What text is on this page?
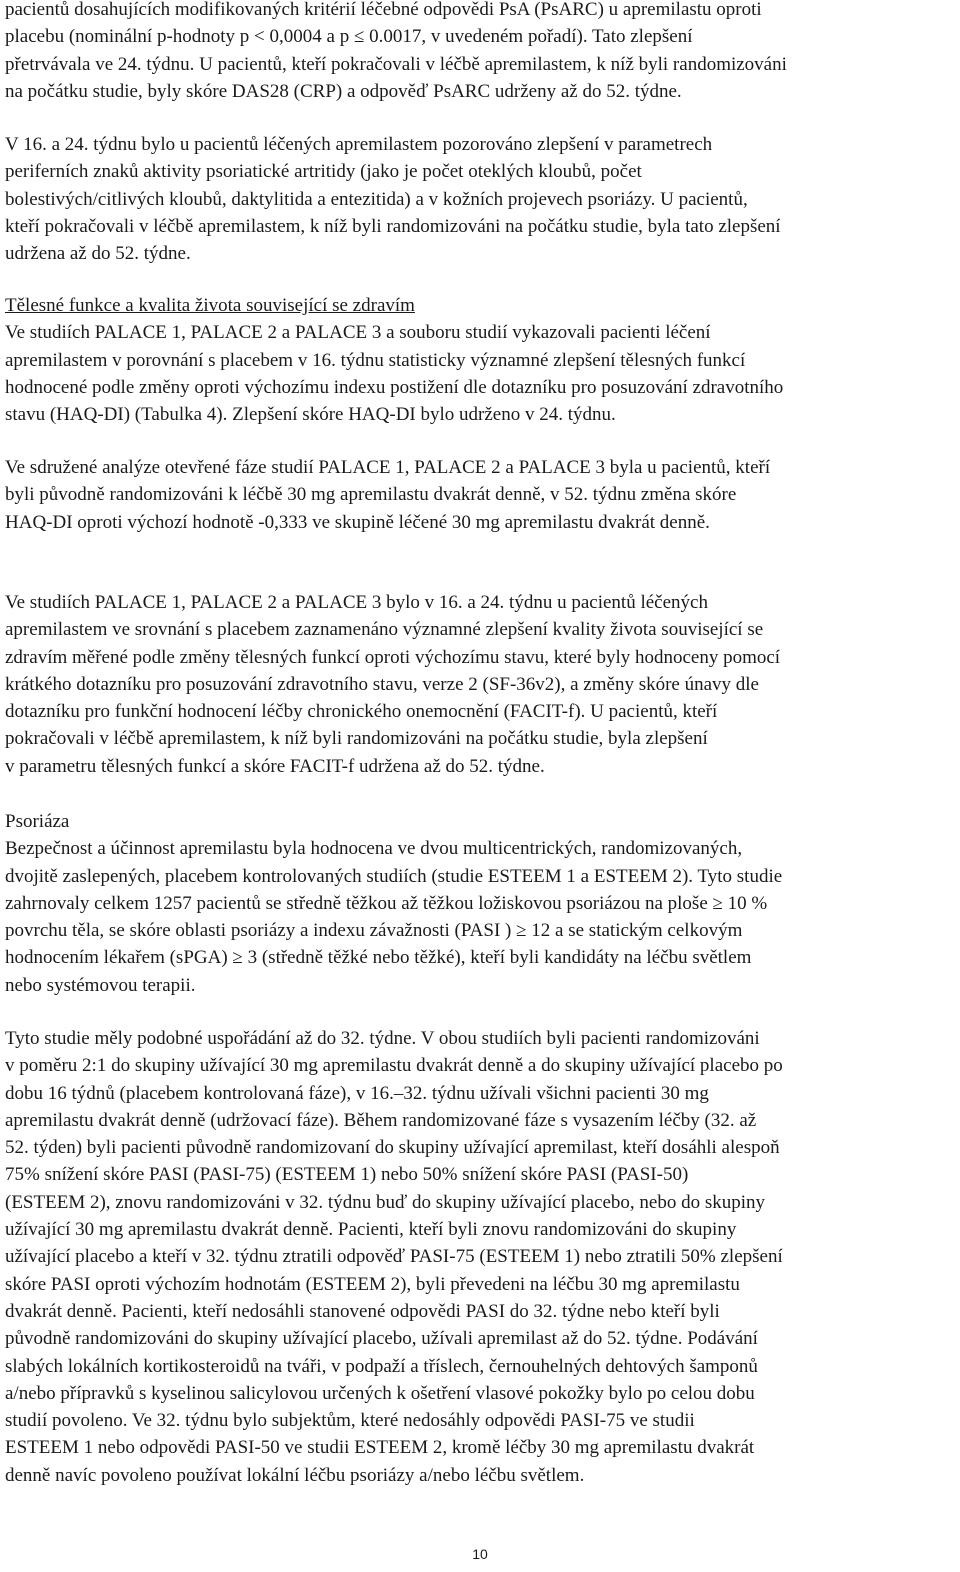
pacientů dosahujících modifikovaných kritérií léčebné odpovědi PsA (PsARC) u apremilastu oproti
placebu (nominální p-hodnoty p < 0,0004 a p ≤ 0.0017, v uvedeném pořadí). Tato zlepšení
přetrvávala ve 24. týdnu. U pacientů, kteří pokračovali v léčbě apremilastem, k níž byli randomizováni
na počátku studie, byly skóre DAS28 (CRP) a odpověď PsARC udrženy až do 52. týdne.
V 16. a 24. týdnu bylo u pacientů léčených apremilastem pozorováno zlepšení v parametrech
periferních znaků aktivity psoriatické artritidy (jako je počet oteklých kloubů, počet
bolestivých/citlivých kloubů, daktylitida a entezitida) a v kožních projevech psoriázy. U pacientů,
kteří pokračovali v léčbě apremilastem, k níž byli randomizováni na počátku studie, byla tato zlepšení
udržena až do 52. týdne.
Tělesné funkce a kvalita života související se zdravím
Ve studiích PALACE 1, PALACE 2 a PALACE 3 a souboru studií vykazovali pacienti léčení
apremilastem v porovnání s placebem v 16. týdnu statisticky významné zlepšení tělesných funkcí
hodnocené podle změny oproti výchozímu indexu postižení dle dotazníku pro posuzování zdravotního
stavu (HAQ-DI) (Tabulka 4). Zlepšení skóre HAQ-DI bylo udrženo v 24. týdnu.
Ve sdružené analýze otevřené fáze studií PALACE 1, PALACE 2 a PALACE 3 byla u pacientů, kteří
byli původně randomizováni k léčbě 30 mg apremilastu dvakrát denně, v 52. týdnu změna skóre
HAQ-DI oproti výchozí hodnotě -0,333 ve skupině léčené 30 mg apremilastu dvakrát denně.
Ve studiích PALACE 1, PALACE 2 a PALACE 3 bylo v 16. a 24. týdnu u pacientů léčených
apremilastem ve srovnání s placebem zaznamenáno významné zlepšení kvality života související se
zdravím měřené podle změny tělesných funkcí oproti výchozímu stavu, které byly hodnoceny pomocí
krátkého dotazníku pro posuzování zdravotního stavu, verze 2 (SF-36v2), a změny skóre únavy dle
dotazníku pro funkční hodnocení léčby chronického onemocnění (FACIT-f). U pacientů, kteří
pokračovali v léčbě apremilastem, k níž byli randomizováni na počátku studie, byla zlepšení
v parametru tělesných funkcí a skóre FACIT-f udržena až do 52. týdne.
Psoriáza
Bezpečnost a účinnost apremilastu byla hodnocena ve dvou multicentrických, randomizovaných,
dvojitě zaslepených, placebem kontrolovaných studiích (studie ESTEEM 1 a ESTEEM 2). Tyto studie
zahrnovaly celkem 1257 pacientů se středně těžkou až těžkou ložiskovou psoriázou na ploše ≥ 10 %
povrchu těla, se skóre oblasti psoriázy a indexu závažnosti (PASI ) ≥ 12 a se statickým celkovým
hodnocením lékařem (sPGA) ≥ 3 (středně těžké nebo těžké), kteří byli kandidáty na léčbu světlem
nebo systémovou terapii.
Tyto studie měly podobné uspořádání až do 32. týdne. V obou studiích byli pacienti randomizováni
v poměru 2:1 do skupiny užívající 30 mg apremilastu dvakrát denně a do skupiny užívající placebo po
dobu 16 týdnů (placebem kontrolovaná fáze), v 16.–32. týdnu užívali všichni pacienti 30 mg
apremilastu dvakrát denně (udržovací fáze). Během randomizované fáze s vysazením léčby (32. až
52. týden) byli pacienti původně randomizovaní do skupiny užívající apremilast, kteří dosáhli alespoň
75% snížení skóre PASI (PASI-75) (ESTEEM 1) nebo 50% snížení skóre PASI (PASI-50)
(ESTEEM 2), znovu randomizováni v 32. týdnu buď do skupiny užívající placebo, nebo do skupiny
užívající 30 mg apremilastu dvakrát denně. Pacienti, kteří byli znovu randomizováni do skupiny
užívající placebo a kteří v 32. týdnu ztratili odpověď PASI-75 (ESTEEM 1) nebo ztratili 50% zlepšení
skóre PASI oproti výchozím hodnotám (ESTEEM 2), byli převedeni na léčbu 30 mg apremilastu
dvakrát denně. Pacienti, kteří nedosáhli stanovené odpovědi PASI do 32. týdne nebo kteří byli
původně randomizováni do skupiny užívající placebo, užívali apremilast až do 52. týdne. Podávání
slabých lokálních kortikosteroidů na tváři, v podpaží a tříslech, černouhelných dehtových šamponů
a/nebo přípravků s kyselinou salicylovou určených k ošetření vlasové pokožky bylo po celou dobu
studií povoleno. Ve 32. týdnu bylo subjektům, které nedosáhly odpovědi PASI-75 ve studii
ESTEEM 1 nebo odpovědi PASI-50 ve studii ESTEEM 2, kromě léčby 30 mg apremilastu dvakrát
denně navíc povoleno používat lokální léčbu psoriázy a/nebo léčbu světlem.
10
